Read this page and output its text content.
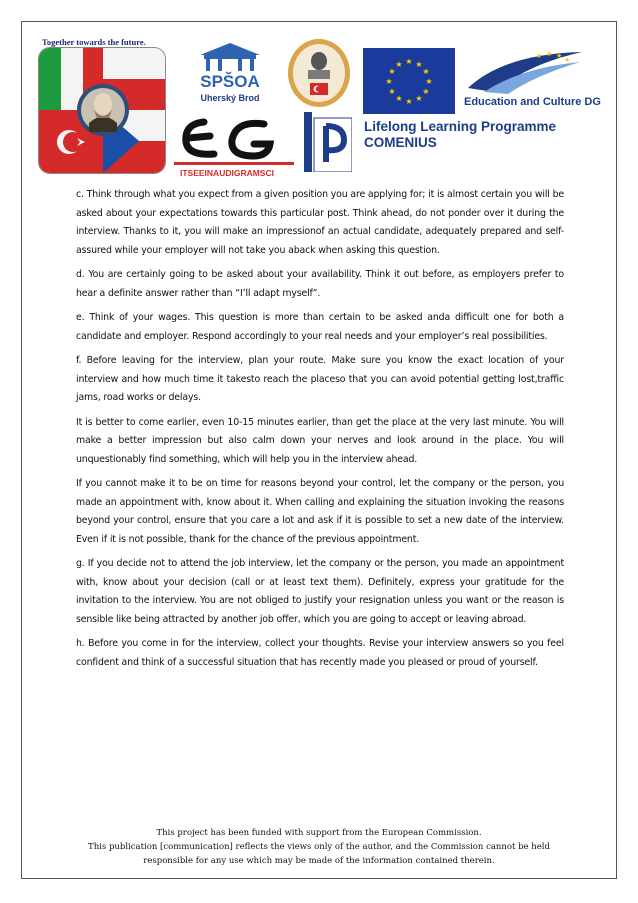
Together towards the future.
SPŠOA
Uherský Brod
★ ★
★
★
★
★
★
★
★
★
★
★
★ ★ ★ ★
Education and Culture DG
ITSEEINAUDIGRAMSCI
Lifelong Learning Programme
COMENIUS

c. Think through what you expect from a given position you are applying for; it is almost certain you will be asked about your expectations towards this particular post. Think ahead, do not ponder over it during the interview. Thanks to it, you will make an impressionof an actual candidate, adequately prepared and self-assured while your employer will not take you aback when asking this question.

d. You are certainly going to be asked about your availability. Think it out before, as employers prefer to hear a definite answer rather than “I’ll adapt myself”.

e. Think of your wages. This question is more than certain to be asked anda difficult one for both a candidate and employer. Respond accordingly to your real needs and your employer’s real possibilities.

f. Before leaving for the interview, plan your route. Make sure you know the exact location of your interview and how much time it takesto reach the placeso that you can avoid potential getting lost,traffic jams, road works or delays.

It is better to come earlier, even 10-15 minutes earlier, than get the place at the very last minute. You will make a better impression but also calm down your nerves and look around in the place. You will unquestionably find something, which will help you in the interview ahead.

If you cannot make it to be on time for reasons beyond your control, let the company or the person, you made an appointment with, know about it. When calling and explaining the situation invoking the reasons beyond your control, ensure that you care a lot and ask if it is possible to set a new date of the interview. Even if it is not possible, thank for the chance of the previous appointment.

g. If you decide not to attend the job interview, let the company or the person, you made an appointment with, know about your decision (call or at least text them). Definitely, express your gratitude for the invitation to the interview. You are not obliged to justify your resignation unless you want or the reason is sensible like being attracted by another job offer, which you are going to accept or leaving abroad.

h. Before you come in for the interview, collect your thoughts. Revise your interview answers so you feel confident and think of a successful situation that has recently made you pleased or proud of yourself.

This project has been funded with support from the European Commission.
This publication [communication] reflects the views only of the author, and the Commission cannot be held
responsible for any use which may be made of the information contained therein.
